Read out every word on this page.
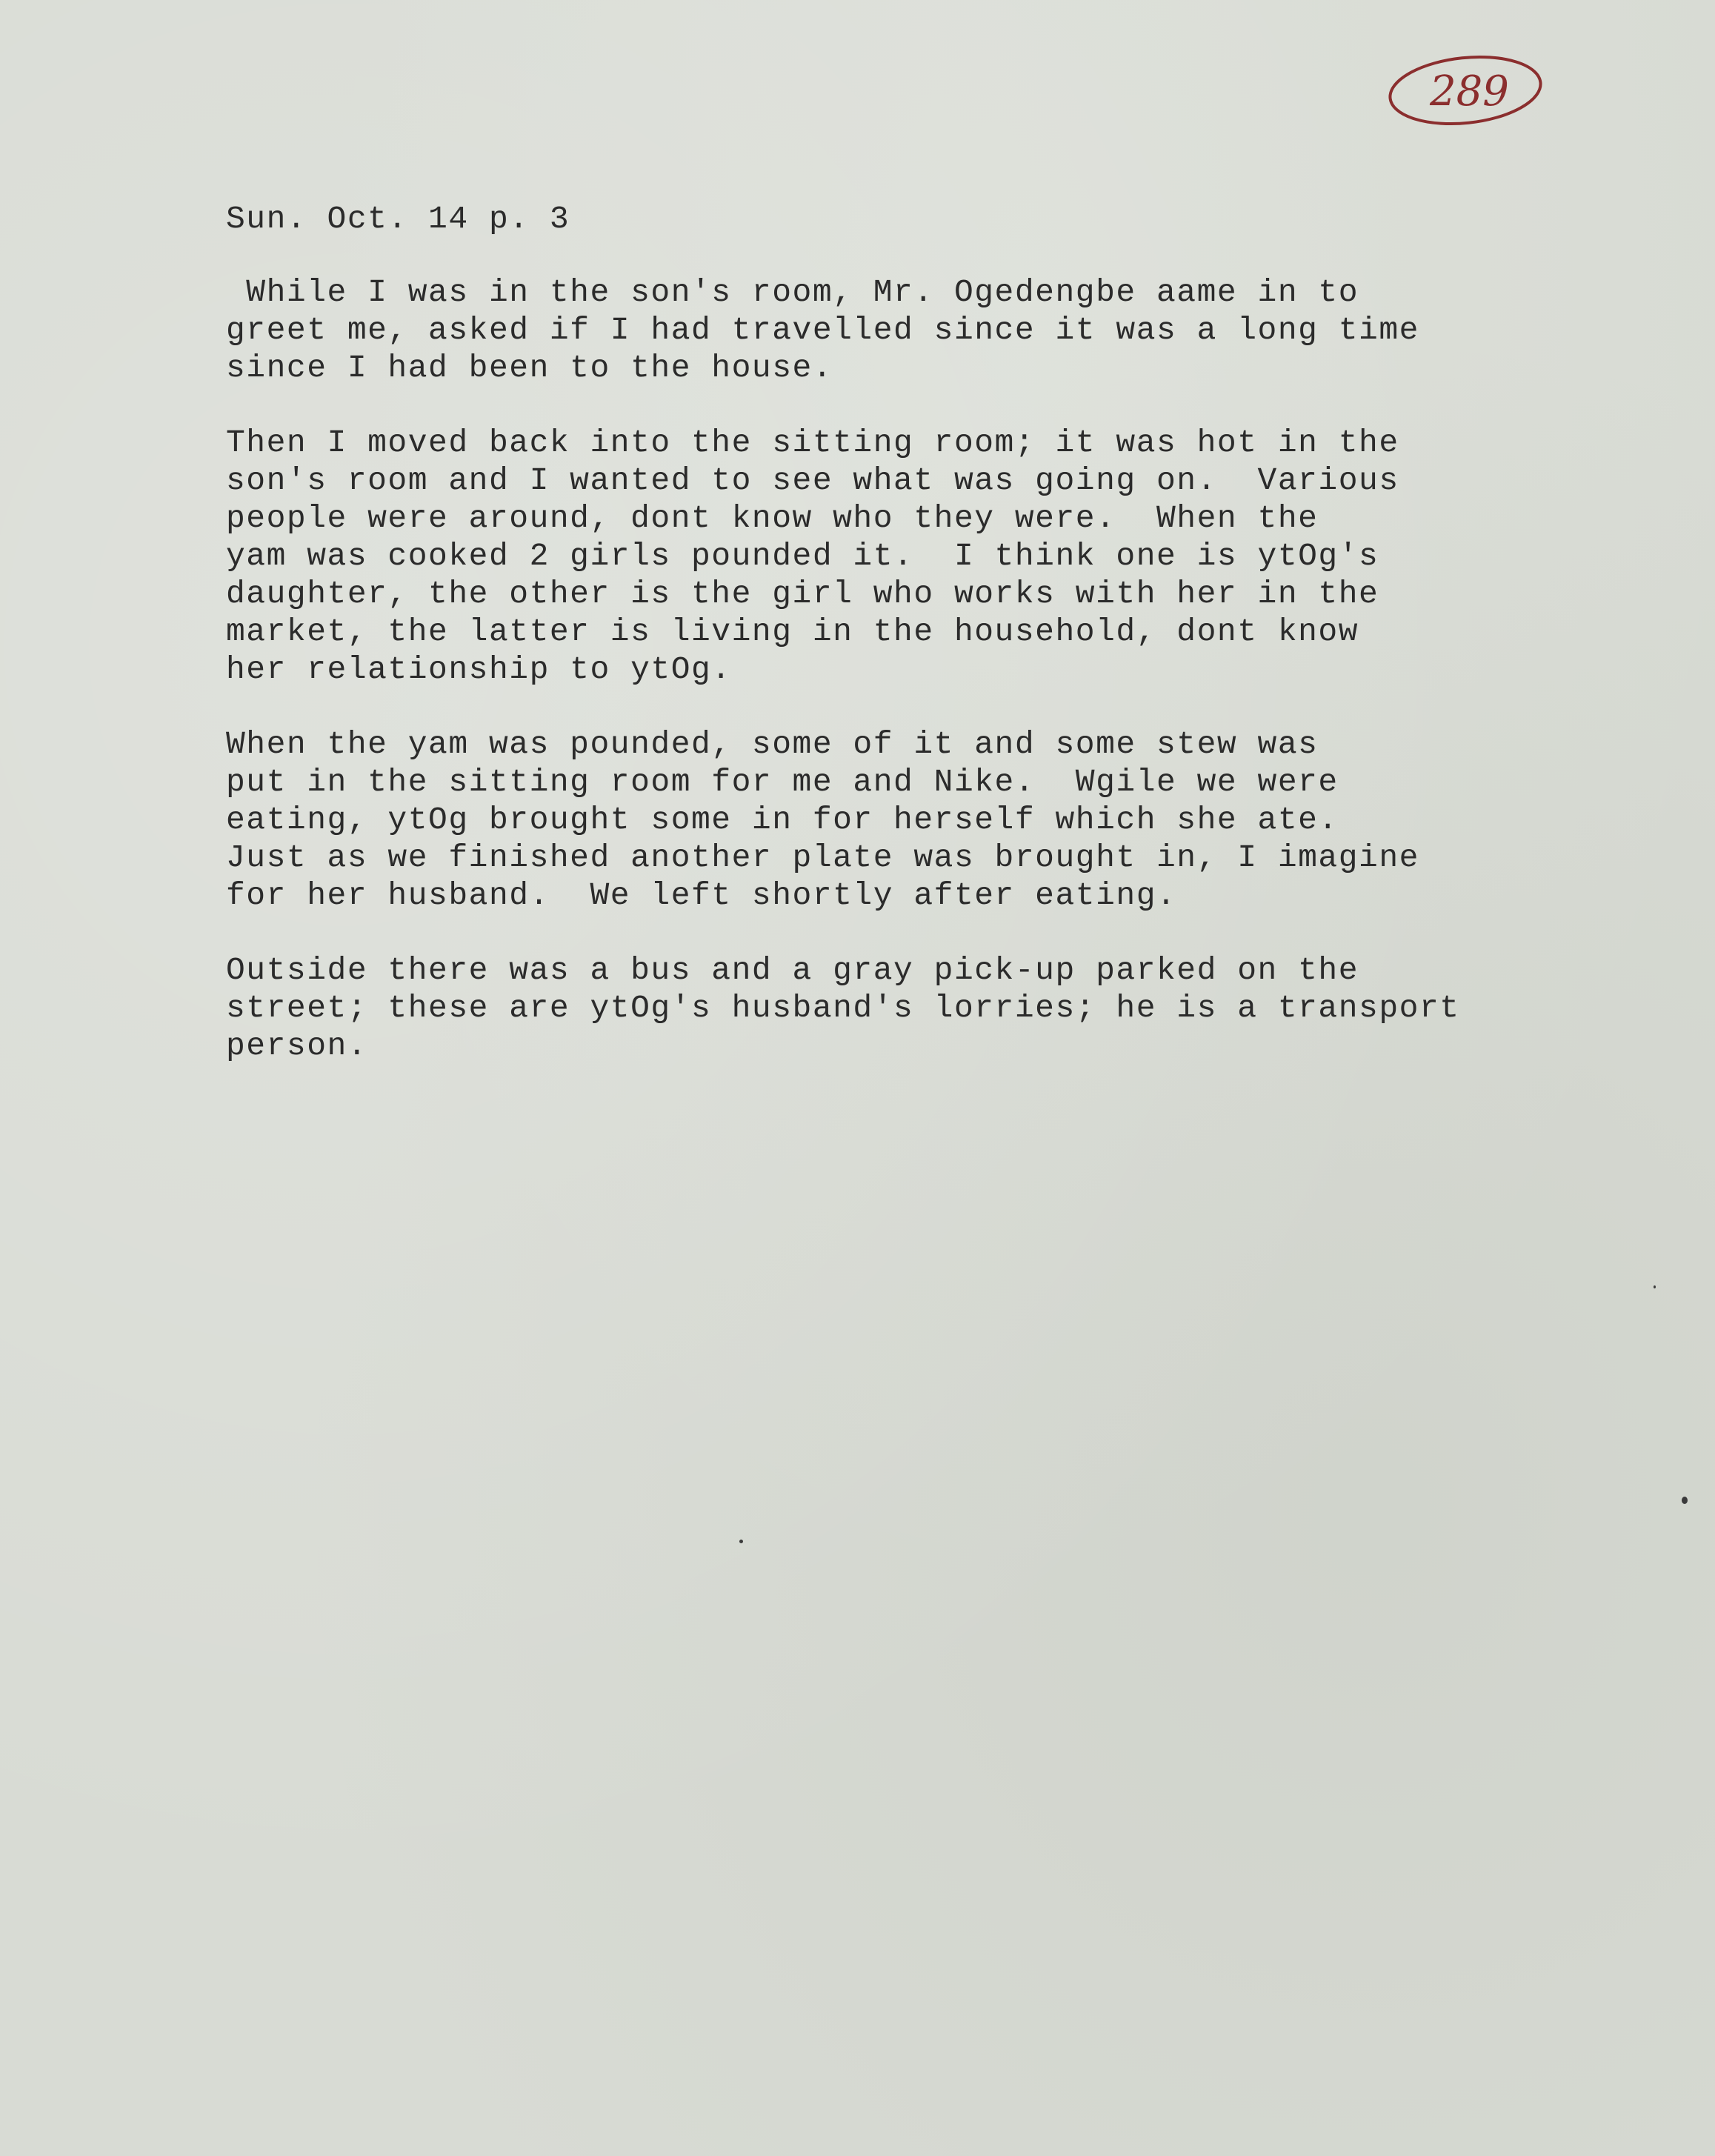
289
Sun. Oct. 14 p. 3
While I was in the son's room, Mr. Ogedengbe aame in to
greet me, asked if I had travelled since it was a long time
since I had been to the house.
Then I moved back into the sitting room; it was hot in the
son's room and I wanted to see what was going on.  Various
people were around, dont know who they were.  When the
yam was cooked 2 girls pounded it.  I think one is ytOg's
daughter, the other is the girl who works with her in the
market, the latter is living in the household, dont know
her relationship to ytOg.
When the yam was pounded, some of it and some stew was
put in the sitting room for me and Nike.  Wgile we were
eating, ytOg brought some in for herself which she ate.
Just as we finished another plate was brought in, I imagine
for her husband.  We left shortly after eating.
Outside there was a bus and a gray pick-up parked on the
street; these are ytOg's husband's lorries; he is a transport
person.
